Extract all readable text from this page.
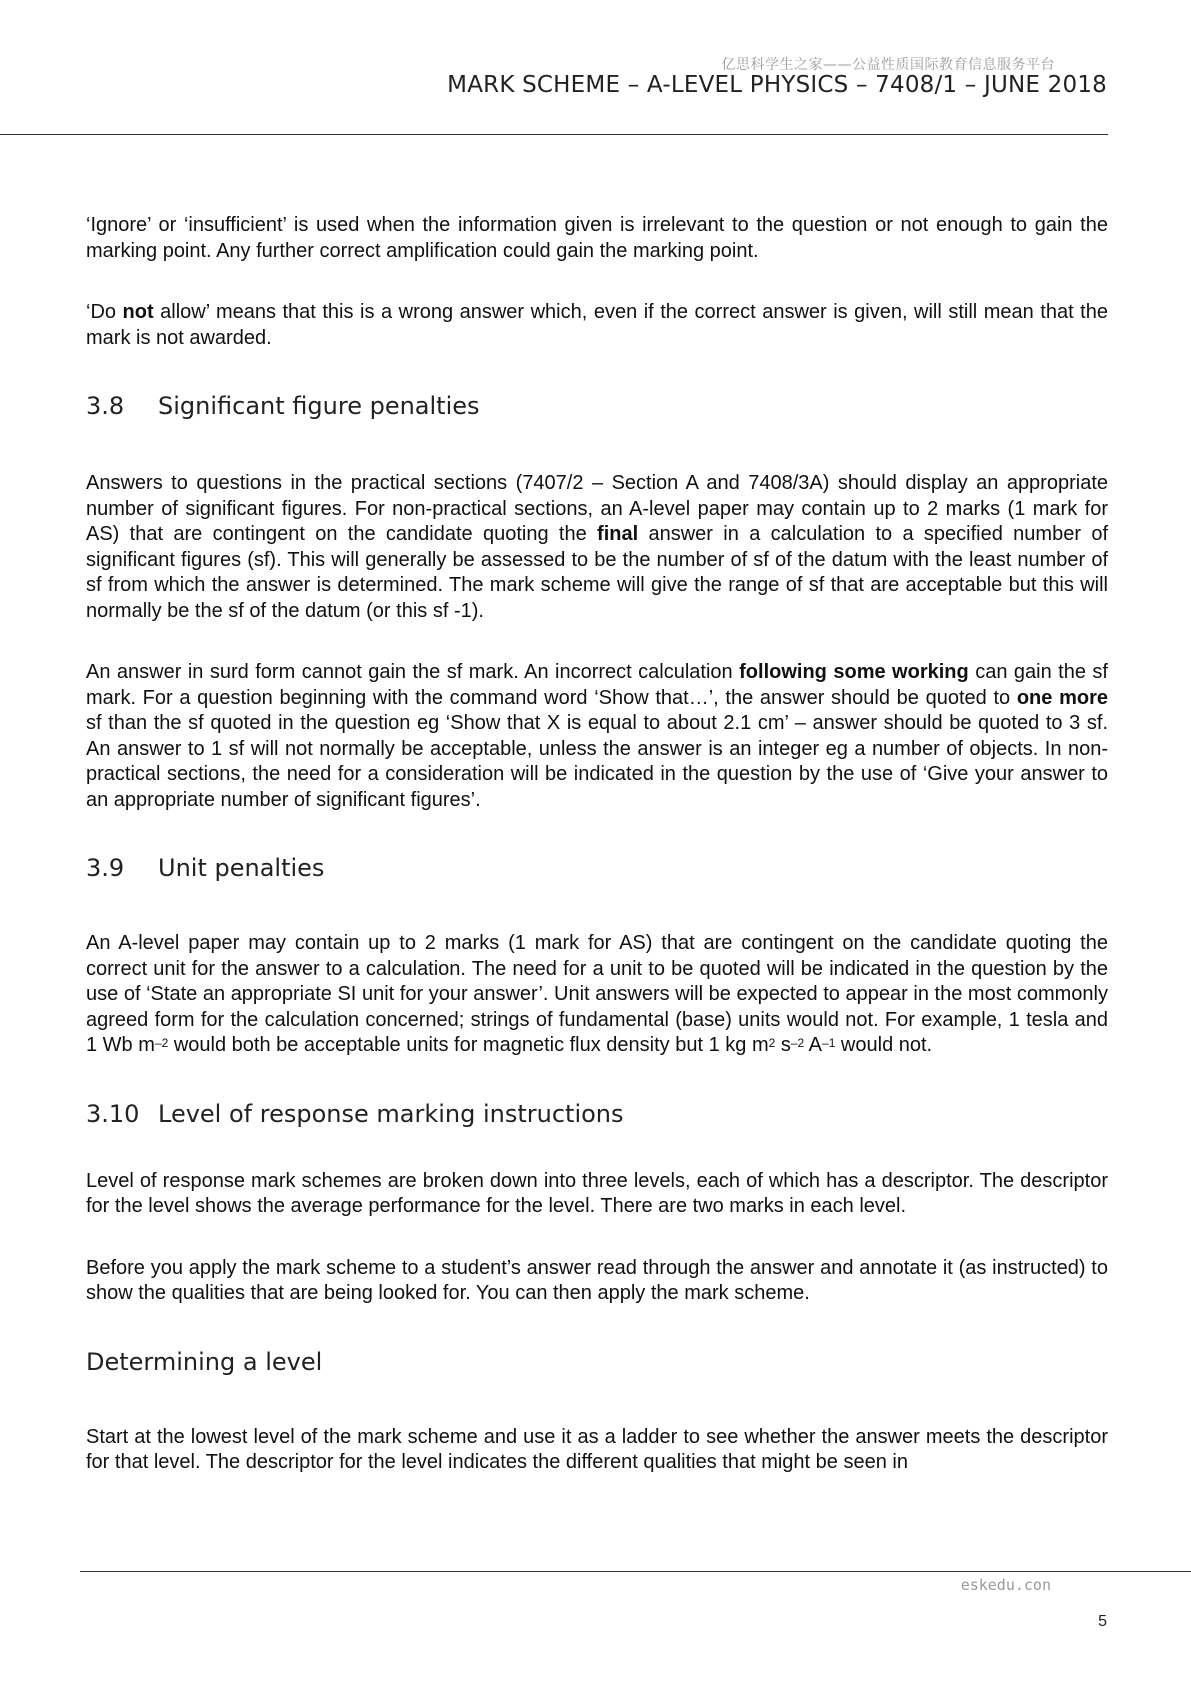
亿思科学生之家——公益性质国际教育信息服务平台
MARK SCHEME – A-LEVEL PHYSICS – 7408/1 – JUNE 2018

‘Ignore’ or ‘insufficient’ is used when the information given is irrelevant to the question or not enough to gain the marking point. Any further correct amplification could gain the marking point.

‘Do not allow’ means that this is a wrong answer which, even if the correct answer is given, will still mean that the mark is not awarded.

3.8 Significant figure penalties

Answers to questions in the practical sections (7407/2 – Section A and 7408/3A) should display an appropriate number of significant figures. For non-practical sections, an A-level paper may contain up to 2 marks (1 mark for AS) that are contingent on the candidate quoting the final answer in a calculation to a specified number of significant figures (sf). This will generally be assessed to be the number of sf of the datum with the least number of sf from which the answer is determined. The mark scheme will give the range of sf that are acceptable but this will normally be the sf of the datum (or this sf -1).

An answer in surd form cannot gain the sf mark. An incorrect calculation following some working can gain the sf mark. For a question beginning with the command word ‘Show that…’, the answer should be quoted to one more sf than the sf quoted in the question eg ‘Show that X is equal to about 2.1 cm’ – answer should be quoted to 3 sf. An answer to 1 sf will not normally be acceptable, unless the answer is an integer eg a number of objects. In non-practical sections, the need for a consideration will be indicated in the question by the use of ‘Give your answer to an appropriate number of significant figures’.

3.9 Unit penalties

An A-level paper may contain up to 2 marks (1 mark for AS) that are contingent on the candidate quoting the correct unit for the answer to a calculation. The need for a unit to be quoted will be indicated in the question by the use of ‘State an appropriate SI unit for your answer’. Unit answers will be expected to appear in the most commonly agreed form for the calculation concerned; strings of fundamental (base) units would not. For example, 1 tesla and 1 Wb $m^{-2}$ would both be acceptable units for magnetic flux density but 1 kg $m^2$ $s^{-2}$ $A^{-1}$ would not.

3.10 Level of response marking instructions

Level of response mark schemes are broken down into three levels, each of which has a descriptor. The descriptor for the level shows the average performance for the level. There are two marks in each level.

Before you apply the mark scheme to a student’s answer read through the answer and annotate it (as instructed) to show the qualities that are being looked for. You can then apply the mark scheme.

Determining a level

Start at the lowest level of the mark scheme and use it as a ladder to see whether the answer meets the descriptor for that level. The descriptor for the level indicates the different qualities that might be seen in

eskedu.con
5
